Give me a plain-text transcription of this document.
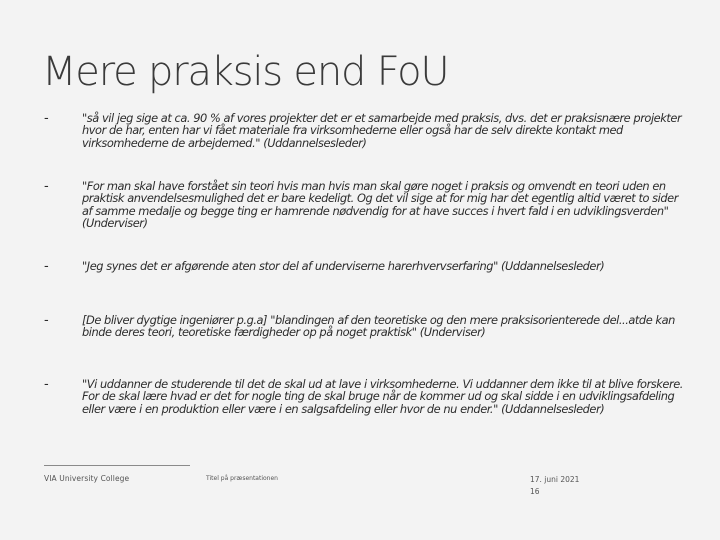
Mere praksis end FoU
-	"så vil jeg sige at ca. 90 % af vores projekter det er et samarbejde med praksis, dvs. det er praksisnære projekter hvor de har, enten har vi fået materiale fra virksomhederne eller også har de selv direkte kontakt med virksomhederne de arbejdemed." (Uddannelsesleder)
-	"For man skal have forstået sin teori hvis man hvis man skal gøre noget i praksis og omvendt en teori uden en praktisk anvendelsesmulighed det er bare kedeligt. Og det vil sige at for mig har det egentlig altid været to sider af samme medalje og begge ting er hamrende nødvendig for at have succes i hvert fald i en udviklingsverden" (Underviser)
-	"Jeg synes det er afgørende aten stor del af underviserne harerhvervserfaring" (Uddannelsesleder)
-	[De bliver dygtige ingeniører p.g.a] "blandingen af den teoretiske og den mere praksisorienterede del...atde kan binde deres teori, teoretiske færdigheder op på noget praktisk" (Underviser)
-	"Vi uddanner de studerende til det de skal ud at lave i virksomhederne. Vi uddanner dem ikke til at blive forskere. For de skal lære hvad er det for nogle ting de skal bruge når de kommer ud og skal sidde i en udviklingsafdeling eller være i en produktion eller være i en salgsafdeling eller hvor de nu ender." (Uddannelsesleder)
VIA University College	Titel på præsentationen	17. juni 2021
16
